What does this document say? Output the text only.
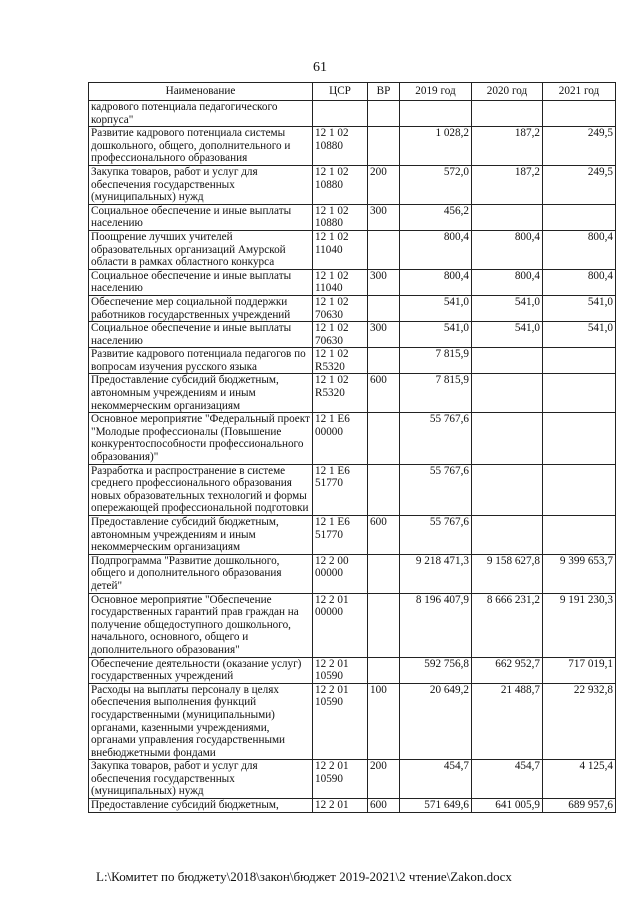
61
Наименование	ЦСР	ВР	2019 год	2020 год	2021 год
кадрового потенциала педагогического корпуса"					
Развитие кадрового потенциала системы дошкольного, общего, дополнительного и профессионального образования	12 1 02 10880		1 028,2	187,2	249,5
Закупка товаров, работ и услуг для обеспечения государственных (муниципальных) нужд	12 1 02 10880	200	572,0	187,2	249,5
Социальное обеспечение и иные выплаты населению	12 1 02 10880	300	456,2		
Поощрение лучших учителей образовательных организаций Амурской области в рамках областного конкурса	12 1 02 11040		800,4	800,4	800,4
Социальное обеспечение и иные выплаты населению	12 1 02 11040	300	800,4	800,4	800,4
Обеспечение мер социальной поддержки работников государственных учреждений	12 1 02 70630		541,0	541,0	541,0
Социальное обеспечение и иные выплаты населению	12 1 02 70630	300	541,0	541,0	541,0
Развитие кадрового потенциала педагогов по вопросам изучения русского языка	12 1 02 R5320		7 815,9		
Предоставление субсидий бюджетным, автономным учреждениям и иным некоммерческим организациям	12 1 02 R5320	600	7 815,9		
Основное мероприятие "Федеральный проект "Молодые профессионалы (Повышение конкурентоспособности профессионального образования)"	12 1 E6 00000		55 767,6		
Разработка и распространение в системе среднего профессионального образования новых образовательных технологий и формы опережающей профессиональной подготовки	12 1 E6 51770		55 767,6		
Предоставление субсидий бюджетным, автономным учреждениям и иным некоммерческим организациям	12 1 E6 51770	600	55 767,6		
Подпрограмма "Развитие дошкольного, общего и дополнительного образования детей"	12 2 00 00000		9 218 471,3	9 158 627,8	9 399 653,7
Основное мероприятие "Обеспечение государственных гарантий прав граждан на получение общедоступного дошкольного, начального, основного, общего и дополнительного образования"	12 2 01 00000		8 196 407,9	8 666 231,2	9 191 230,3
Обеспечение деятельности (оказание услуг) государственных учреждений	12 2 01 10590		592 756,8	662 952,7	717 019,1
Расходы на выплаты персоналу в целях обеспечения выполнения функций государственными (муниципальными) органами, казенными учреждениями, органами управления государственными внебюджетными фондами	12 2 01 10590	100	20 649,2	21 488,7	22 932,8
Закупка товаров, работ и услуг для обеспечения государственных (муниципальных) нужд	12 2 01 10590	200	454,7	454,7	4 125,4
Предоставление субсидий бюджетным,	12 2 01	600	571 649,6	641 005,9	689 957,6
L:\Комитет по бюджету\2018\закон\бюджет 2019-2021\2 чтение\Zakon.docx
